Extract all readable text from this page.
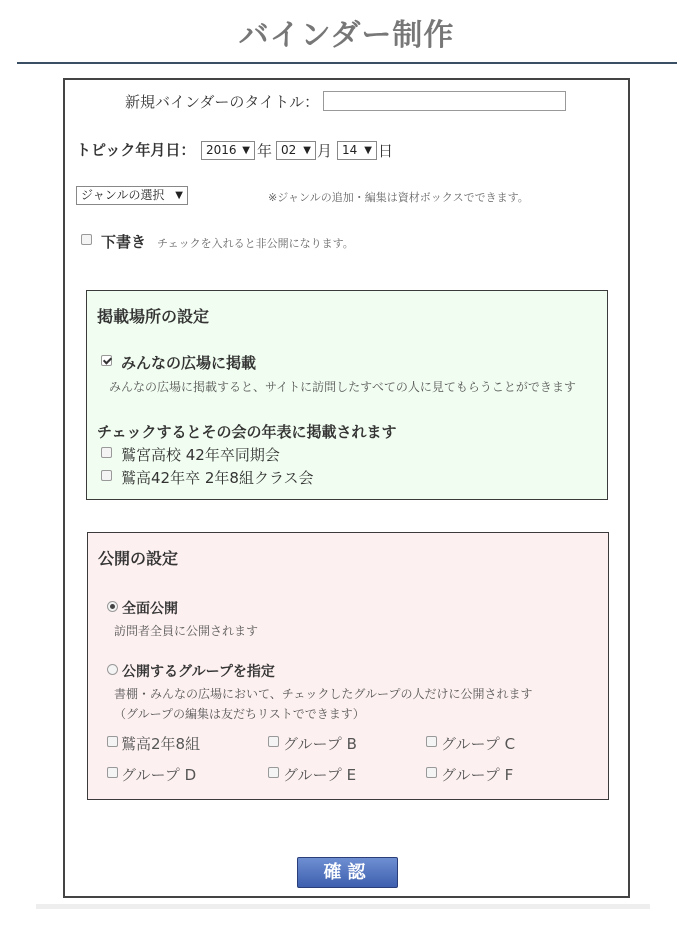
バインダー制作
新規バインダーのタイトル：
トピック年月日： 2016 ▼ 年 02 ▼ 月 14 ▼ 日
ジャンルの選択 ▼	※ジャンルの追加・編集は資材ボックスでできます。
下書き チェックを入れると非公開になります。
掲載場所の設定
みんなの広場に掲載
みんなの広場に掲載すると、サイトに訪問したすべての人に見てもらうことができます
チェックするとその会の年表に掲載されます
鷲宮高校 42年卒同期会
鷲高42年卒 2年8組クラス会
公開の設定
全面公開
訪問者全員に公開されます
公開するグループを指定
書棚・みんなの広場において、チェックしたグループの人だけに公開されます
（グループの編集は友だちリストでできます）
鷲高2年8組	グループ B	グループ C
グループ D	グループ E	グループ F
確認
